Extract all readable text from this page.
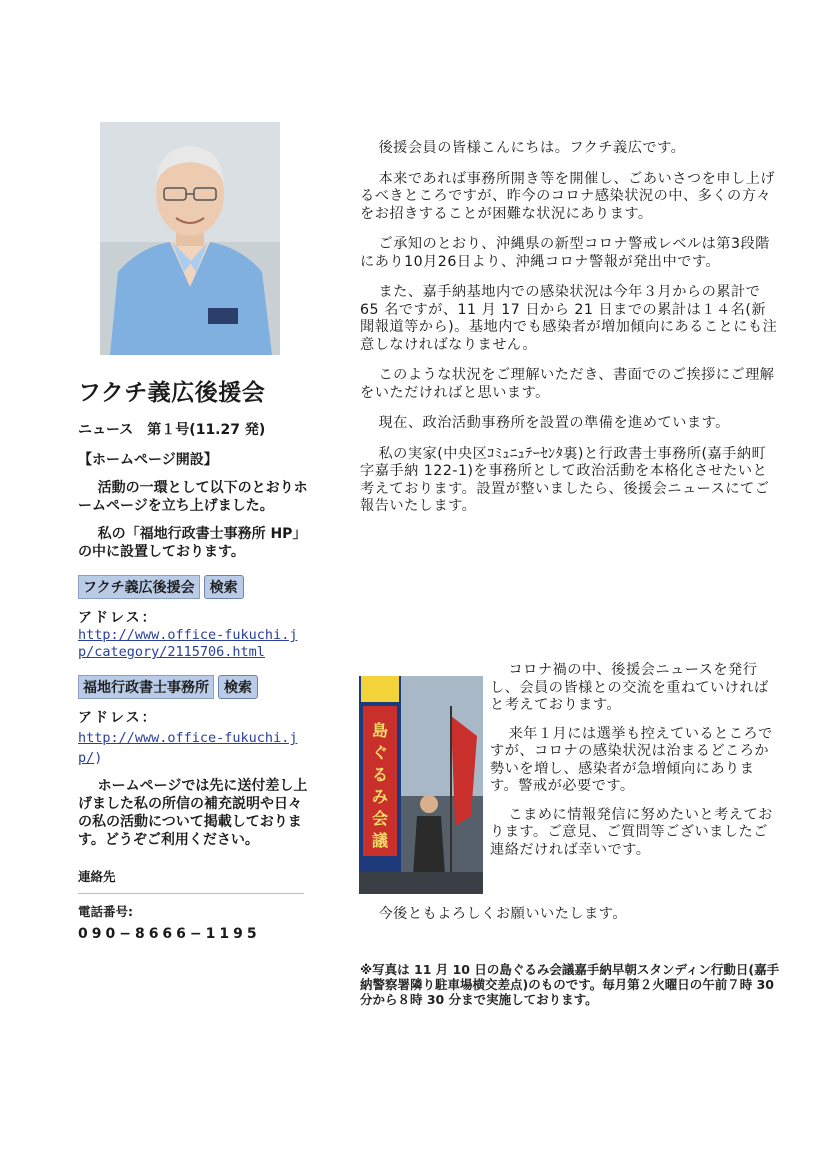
フクチ義広後援会
ニュース　第１号(11.27 発)
【ホームページ開設】

活動の一環として以下のとおりホームページを立ち上げました。

私の「福地行政書士事務所 HP」の中に設置しております。

フクチ義広後援会	検索
アドレス：
http://www.office-fukuchi.jp/category/2115706.html
福地行政書士事務所	検索
アドレス：
http://www.office-fukuchi.jp/)

ホームページでは先に送付差し上げました私の所信の補充説明や日々の私の活動について掲載しております。どうぞご利用ください。

連絡先
電話番号:
090−8666−1195

後援会員の皆様こんにちは。フクチ義広です。

本来であれば事務所開き等を開催し、ごあいさつを申し上げるべきところですが、昨今のコロナ感染状況の中、多くの方々をお招きすることが困難な状況にあります。

ご承知のとおり、沖縄県の新型コロナ警戒レベルは第3段階にあり10月26日より、沖縄コロナ警報が発出中です。

また、嘉手納基地内での感染状況は今年３月からの累計で 65 名ですが、11 月 17 日から 21 日までの累計は１４名(新聞報道等から)。基地内でも感染者が増加傾向にあることにも注意しなければなりません。

このような状況をご理解いただき、書面でのご挨拶にご理解をいただければと思います。

現在、政治活動事務所を設置の準備を進めています。

私の実家(中央区ｺﾐｭﾆｭﾃｰｾﾝﾀ裏)と行政書士事務所(嘉手納町字嘉手納 122-1)を事務所として政治活動を本格化させたいと考えております。設置が整いましたら、後援会ニュースにてご報告いたします。

島
ぐ
る
み
会
議

コロナ禍の中、後援会ニュースを発行し、会員の皆様との交流を重ねていければと考えております。

来年１月には選挙も控えているところですが、コロナの感染状況は治まるどころか勢いを増し、感染者が急増傾向にあります。警戒が必要です。

こまめに情報発信に努めたいと考えております。ご意見、ご質問等ございましたご連絡だければ幸いです。

今後ともよろしくお願いいたします。
※写真は 11 月 10 日の島ぐるみ会議嘉手納早朝スタンディン行動日(嘉手納警察署隣り駐車場横交差点)のものです。毎月第２火曜日の午前７時 30 分から８時 30 分まで実施しております。
